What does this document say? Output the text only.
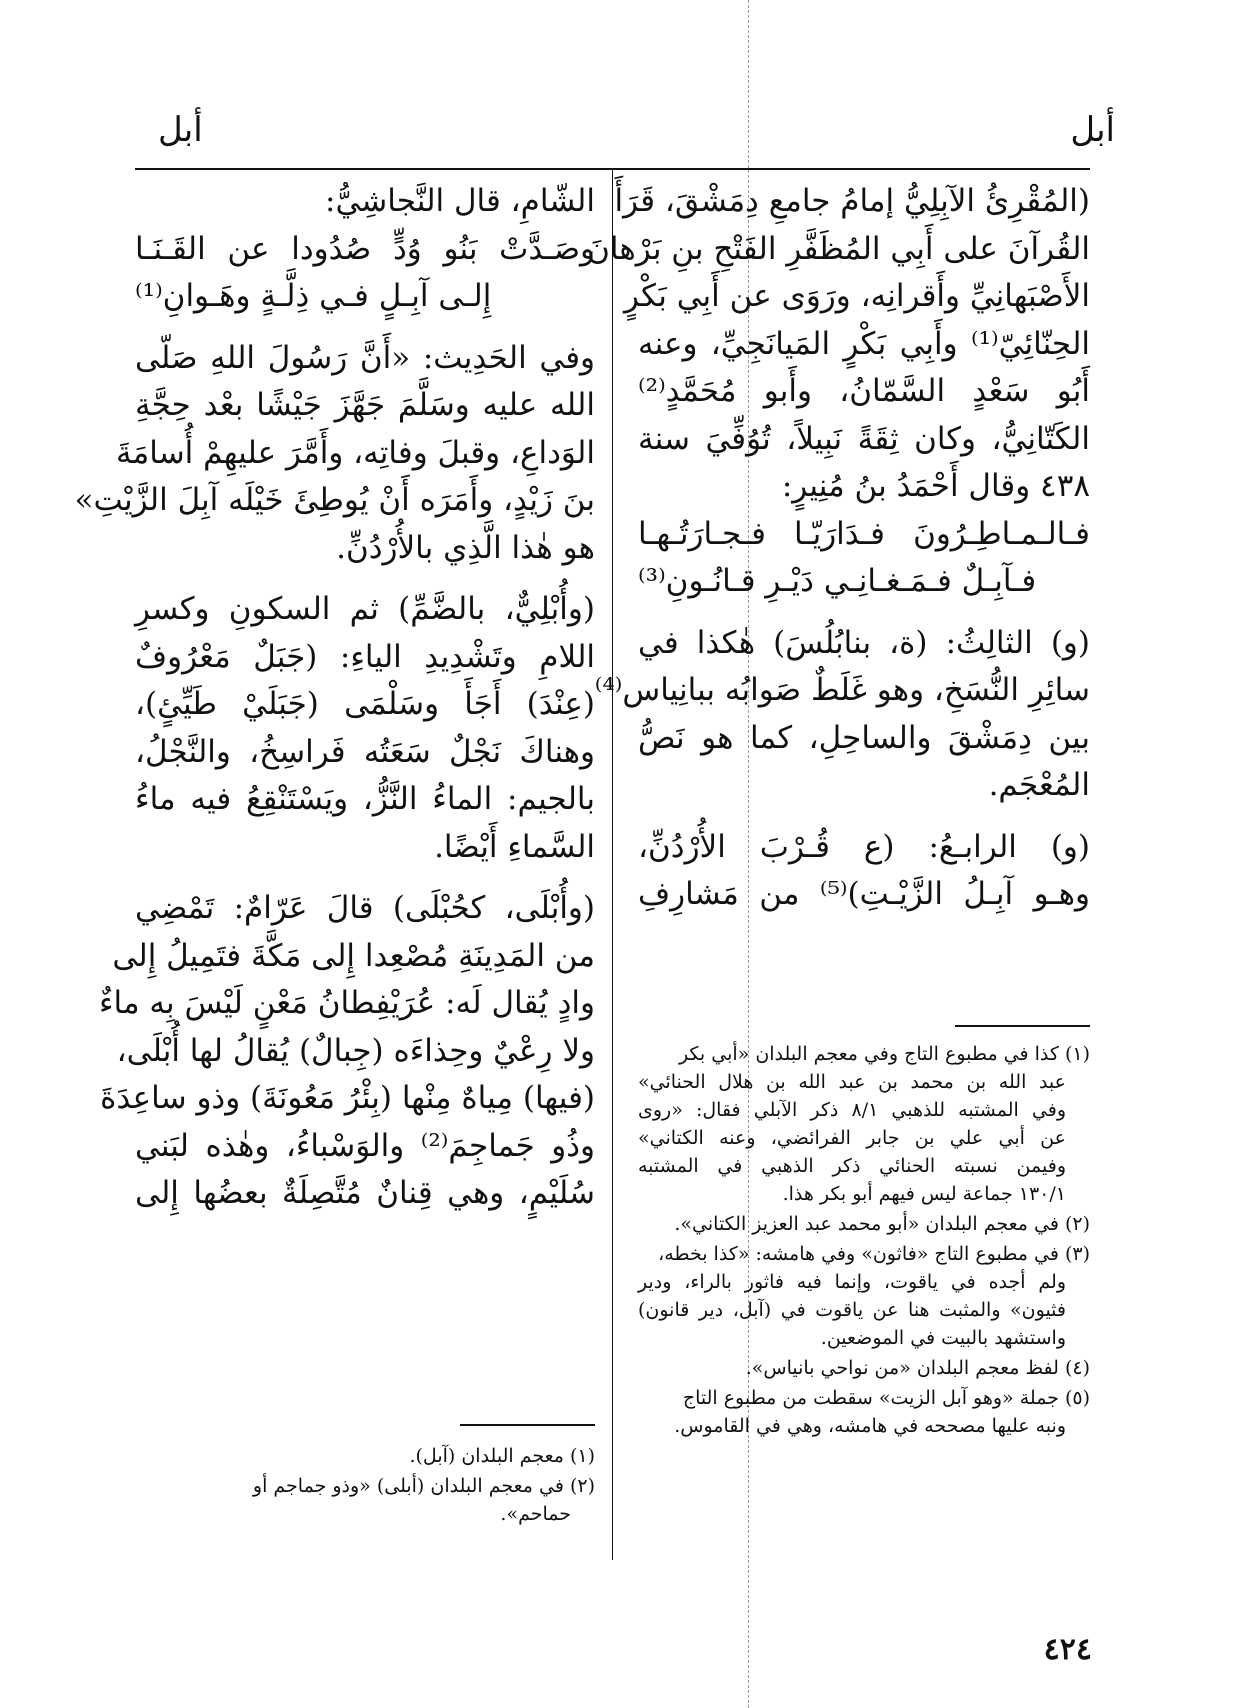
أبل
أبل

(المُقْرِئُ الآبِلِيُّ إمامُ جامعِ دِمَشْقَ، قَرَأَ

القُرآنَ على أَبِي المُظَفَّرِ الفَتْحِ بنِ بَرْهانَ

الأَصْبَهانِيِّ وأَقرانِه، ورَوَى عن أَبِي بَكْرٍ

الحِنّائِيّ⁽¹⁾ وأَبِي بَكْرٍ المَيانَجِيِّ، وعنه

أَبُو سَعْدٍ السَّمّانُ، وأَبو مُحَمَّدٍ⁽²⁾

الكَتّانِيُّ، وكان ثِقَةً نَبِيلاً، تُوُفِّيَ سنة

٤٣٨ وقال أَحْمَدُ بنُ مُنِيرٍ:

فـالـمـاطِـرُونَ فـدَارَيّـا فـجـارَتُـهـا

فـآبِـلٌ فـمَـغـانِـي دَيْـرِ قـانُـونِ⁽³⁾

(و) الثالِثُ: (ة، بنابُلُسَ) هٰكذا في

سائِرِ النُّسَخِ، وهو غَلَطٌ صَوابُه ببانِياس⁽⁴⁾

بين دِمَشْقَ والساحِلِ، كما هو نَصُّ

المُعْجَم.

(و) الرابـعُ: (ع قُـرْبَ الأُرْدُنِّ،

وهـو آبِـلُ الزَّيْـتِ)⁽⁵⁾ من مَشارِفِ

الشّامِ، قال النَّجاشِيُّ:

وصَـدَّتْ بَنُو وُدٍّ صُدُودا عن القَـنَـا

إِلـى آبِـلٍ فـي ذِلَّـةٍ وهَـوانِ⁽¹⁾

وفي الحَدِيث: «أَنَّ رَسُولَ اللهِ صَلّى

الله عليه وسَلَّمَ جَهَّزَ جَيْشًا بعْد حِجَّةِ

الوَداعِ، وقبلَ وفاتِه، وأَمَّرَ عليهِمْ أُسامَةَ

بنَ زَيْدٍ، وأَمَرَه أَنْ يُوطِئَ خَيْلَه آبِلَ الزَّيْتِ»

هو هٰذا الَّذِي بالأُرْدُنِّ.

(وأُبْلِيٌّ، بالضَّمِّ) ثم السكونِ وكسرِ

اللامِ وتَشْدِيدِ الياءِ: (جَبَلٌ مَعْرُوفٌ

(عِنْدَ) أَجَأَ وسَلْمَى (جَبَلَيْ طَيِّئٍ)،

وهناكَ نَجْلٌ سَعَتُه فَراسِخُ، والنَّجْلُ،

بالجيم: الماءُ النَّزُّ، ويَسْتَنْقِعُ فيه ماءُ

السَّماءِ أَيْضًا.

(وأُبْلَى، كحُبْلَى) قالَ عَرّامٌ: تَمْضِي

من المَدِينَةِ مُصْعِدا إِلى مَكَّةَ فتَمِيلُ إِلى

وادٍ يُقال لَه: عُرَيْفِطانُ مَعْنٍ لَيْسَ بِه ماءٌ

ولا رِعْيٌ وحِذاءَه (جِبالٌ) يُقالُ لها أُبْلَى،

(فيها) مِياهٌ مِنْها (بِئْرُ مَعُونَةَ) وذو ساعِدَةَ

وذُو جَماجِمَ⁽²⁾ والوَسْباءُ، وهٰذه لبَني

سُلَيْمٍ، وهي قِنانٌ مُتَّصِلَةٌ بعضُها إِلى

(١)كذا في مطبوع التاج وفي معجم البلدان «أبي بكر
عبد الله بن محمد بن عبد الله بن هلال الحنائي»
وفي المشتبه للذهبي ٨/١ ذكر الآبلي فقال: «روى
عن أبي علي بن جابر الفرائضي، وعنه الكتاني»
وفيمن نسبته الحنائي ذكر الذهبي في المشتبه
١٣٠/١ جماعة ليس فيهم أبو بكر هذا.

(٢)في معجم البلدان «أبو محمد عبد العزيز الكتاني».

(٣)في مطبوع التاج «فاثون» وفي هامشه: «كذا بخطه،
ولم أجده في ياقوت، وإنما فيه فاثور بالراء، ودير
فثيون» والمثبت هنا عن ياقوت في (آبل، دير قانون)
واستشهد بالبيت في الموضعين.

(٤)لفظ معجم البلدان «من نواحي بانياس».

(٥)جملة «وهو آبل الزيت» سقطت من مطبوع التاج
ونبه عليها مصححه في هامشه، وهي في القاموس.

(١)معجم البلدان (آبل).

(٢)في معجم البلدان (أبلى) «وذو جماجم أو
حماحم».

٤٢٤
